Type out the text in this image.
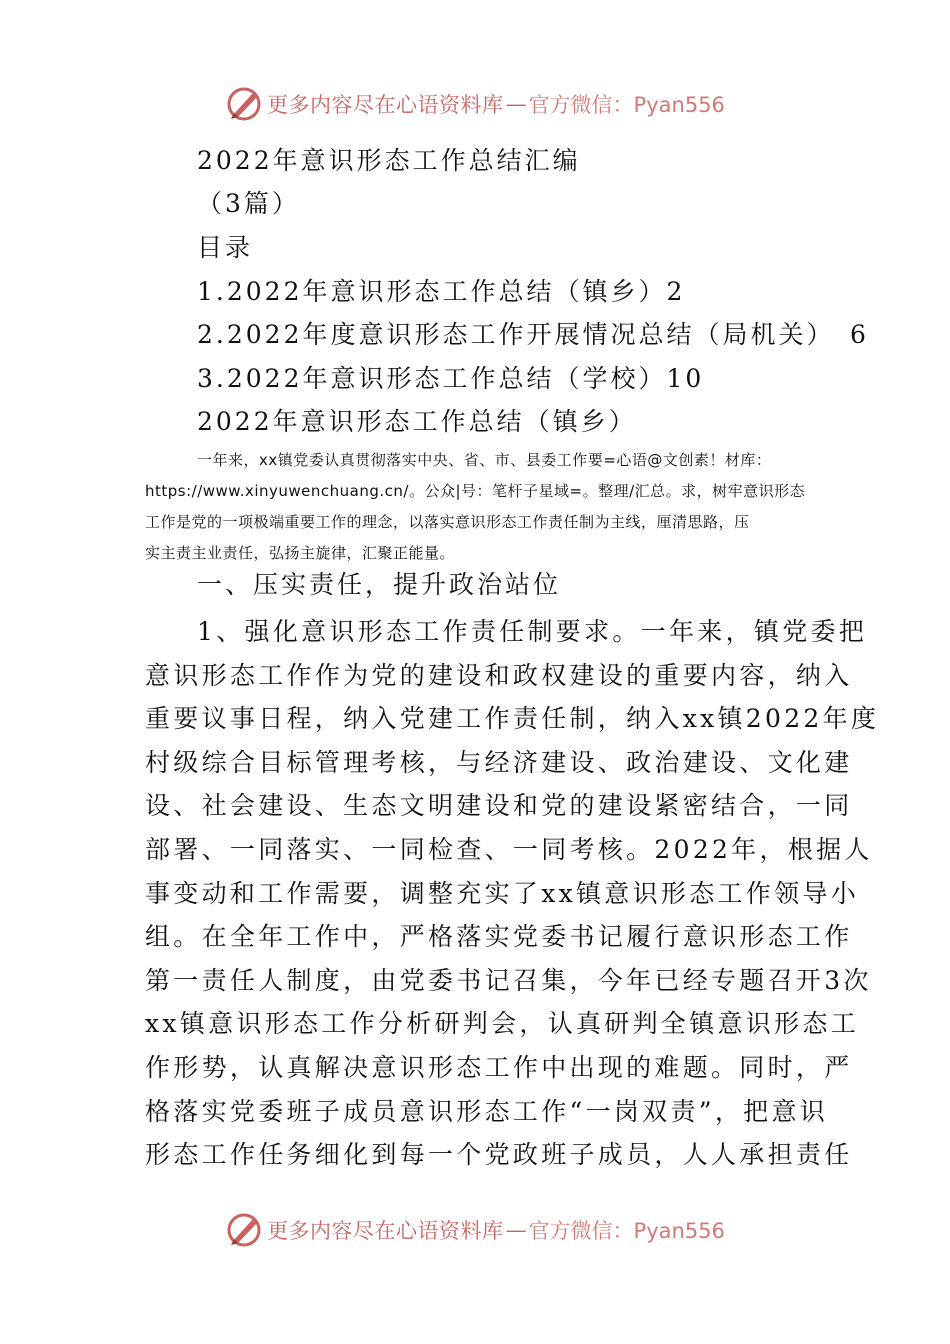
更多内容尽在心语资料库 — 官方微信：Pyan556
2022年意识形态工作总结汇编
（3篇）
目录
1.2022年意识形态工作总结（镇乡）2
2.2022年度意识形态工作开展情况总结（局机关）　6
3.2022年意识形态工作总结（学校）10
2022年意识形态工作总结（镇乡）
一年来，xx镇党委认真贯彻落实中央、省、市、县委工作要=心语@文创素！材库：
https://www.xinyuwenchuang.cn/。公众|号：笔杆子星域=。整理/汇总。求，树牢意识形态
工作是党的一项极端重要工作的理念，以落实意识形态工作责任制为主线，厘清思路，压
实主责主业责任，弘扬主旋律，汇聚正能量。
一、压实责任，提升政治站位
1、强化意识形态工作责任制要求。一年来，镇党委把
意识形态工作作为党的建设和政权建设的重要内容，纳入
重要议事日程，纳入党建工作责任制，纳入xx镇2022年度
村级综合目标管理考核，与经济建设、政治建设、文化建
设、社会建设、生态文明建设和党的建设紧密结合，一同
部署、一同落实、一同检查、一同考核。2022年，根据人
事变动和工作需要，调整充实了xx镇意识形态工作领导小
组。在全年工作中，严格落实党委书记履行意识形态工作
第一责任人制度，由党委书记召集，今年已经专题召开3次
xx镇意识形态工作分析研判会，认真研判全镇意识形态工
作形势，认真解决意识形态工作中出现的难题。同时，严
格落实党委班子成员意识形态工作“一岗双责”，把意识
形态工作任务细化到每一个党政班子成员，人人承担责任
更多内容尽在心语资料库 — 官方微信：Pyan556
